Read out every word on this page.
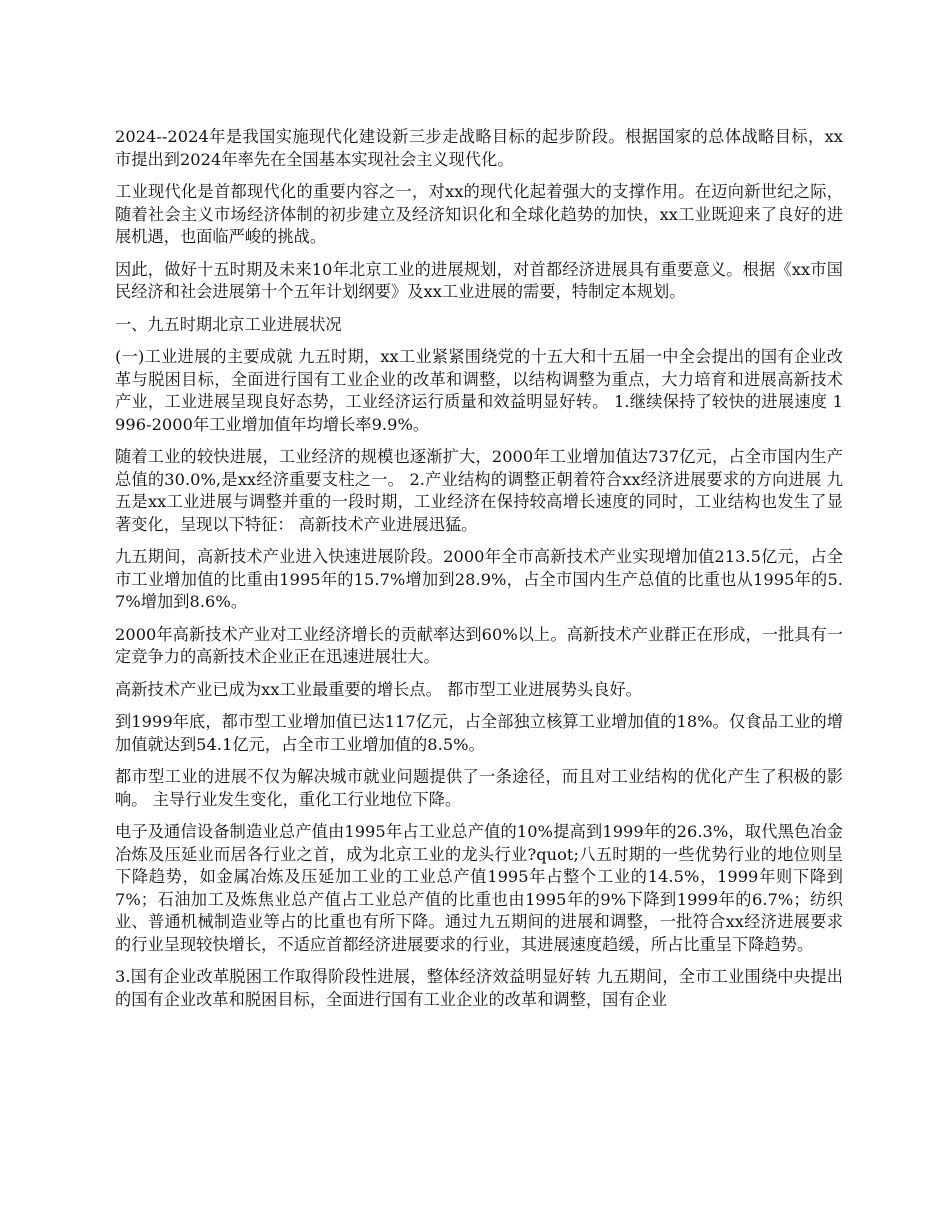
2024--2024年是我国实施现代化建设新三步走战略目标的起步阶段。根据国家的总体战略目标，xx市提出到2024年率先在全国基本实现社会主义现代化。

工业现代化是首都现代化的重要内容之一，对xx的现代化起着强大的支撑作用。在迈向新世纪之际，随着社会主义市场经济体制的初步建立及经济知识化和全球化趋势的加快，xx工业既迎来了良好的进展机遇，也面临严峻的挑战。

因此，做好十五时期及未来10年北京工业的进展规划，对首都经济进展具有重要意义。根据《xx市国民经济和社会进展第十个五年计划纲要》及xx工业进展的需要，特制定本规划。

一、九五时期北京工业进展状况

(一)工业进展的主要成就 九五时期，xx工业紧紧围绕党的十五大和十五届一中全会提出的国有企业改革与脱困目标，全面进行国有工业企业的改革和调整，以结构调整为重点，大力培育和进展高新技术产业，工业进展呈现良好态势，工业经济运行质量和效益明显好转。 1.继续保持了较快的进展速度 1996-2000年工业增加值年均增长率9.9%。

随着工业的较快进展，工业经济的规模也逐渐扩大，2000年工业增加值达737亿元，占全市国内生产总值的30.0%,是xx经济重要支柱之一。 2.产业结构的调整正朝着符合xx经济进展要求的方向进展 九五是xx工业进展与调整并重的一段时期，工业经济在保持较高增长速度的同时，工业结构也发生了显著变化，呈现以下特征： 高新技术产业进展迅猛。

九五期间，高新技术产业进入快速进展阶段。2000年全市高新技术产业实现增加值213.5亿元，占全市工业增加值的比重由1995年的15.7%增加到28.9%，占全市国内生产总值的比重也从1995年的5.7%增加到8.6%。

2000年高新技术产业对工业经济增长的贡献率达到60%以上。高新技术产业群正在形成，一批具有一定竞争力的高新技术企业正在迅速进展壮大。

高新技术产业已成为xx工业最重要的增长点。 都市型工业进展势头良好。

到1999年底，都市型工业增加值已达117亿元，占全部独立核算工业增加值的18%。仅食品工业的增加值就达到54.1亿元，占全市工业增加值的8.5%。

都市型工业的进展不仅为解决城市就业问题提供了一条途径，而且对工业结构的优化产生了积极的影响。 主导行业发生变化，重化工行业地位下降。

电子及通信设备制造业总产值由1995年占工业总产值的10%提高到1999年的26.3%，取代黑色冶金冶炼及压延业而居各行业之首，成为北京工业的龙头行业?quot;八五时期的一些优势行业的地位则呈下降趋势，如金属冶炼及压延加工业的工业总产值1995年占整个工业的14.5%，1999年则下降到7%；石油加工及炼焦业总产值占工业总产值的比重也由1995年的9%下降到1999年的6.7%；纺织业、普通机械制造业等占的比重也有所下降。通过九五期间的进展和调整，一批符合xx经济进展要求的行业呈现较快增长，不适应首都经济进展要求的行业，其进展速度趋缓，所占比重呈下降趋势。

3.国有企业改革脱困工作取得阶段性进展，整体经济效益明显好转 九五期间，全市工业围绕中央提出的国有企业改革和脱困目标，全面进行国有工业企业的改革和调整，国有企业
